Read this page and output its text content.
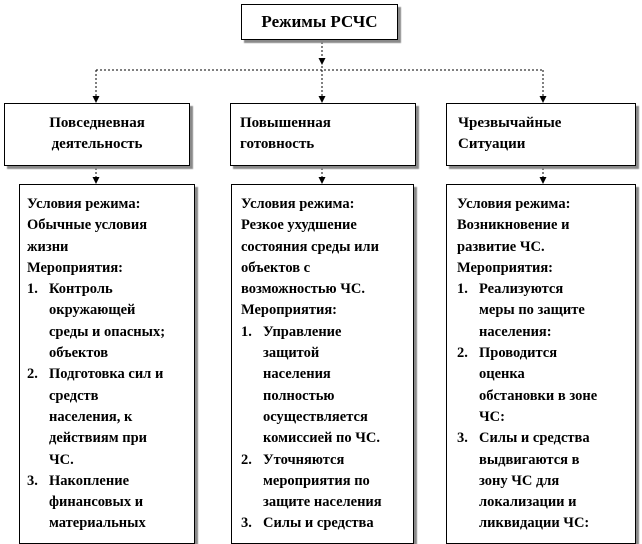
Режимы РСЧС
Повседневная
деятельность
Повышенная
готовность
Чрезвычайные
Ситуации
Условия режима:
Обычные условия
жизни
Мероприятия:
1. Контроль
окружающей
среды и опасных;
объектов
2. Подготовка сил и
средств
населения, к
действиям при
ЧС.
3. Накопление
финансовых и
материальных
Условия режима:
Резкое ухудшение
состояния среды или
объектов с
возможностью ЧС.
Мероприятия:
1. Управление
защитой
населения
полностью
осуществляется
комиссией по ЧС.
2. Уточняются
мероприятия по
защите населения
3. Силы и средства
Условия режима:
Возникновение и
развитие ЧС.
Мероприятия:
1. Реализуются
меры по защите
населения:
2. Проводится
оценка
обстановки в зоне
ЧС:
3. Силы и средства
выдвигаются в
зону ЧС для
локализации и
ликвидации ЧС:
